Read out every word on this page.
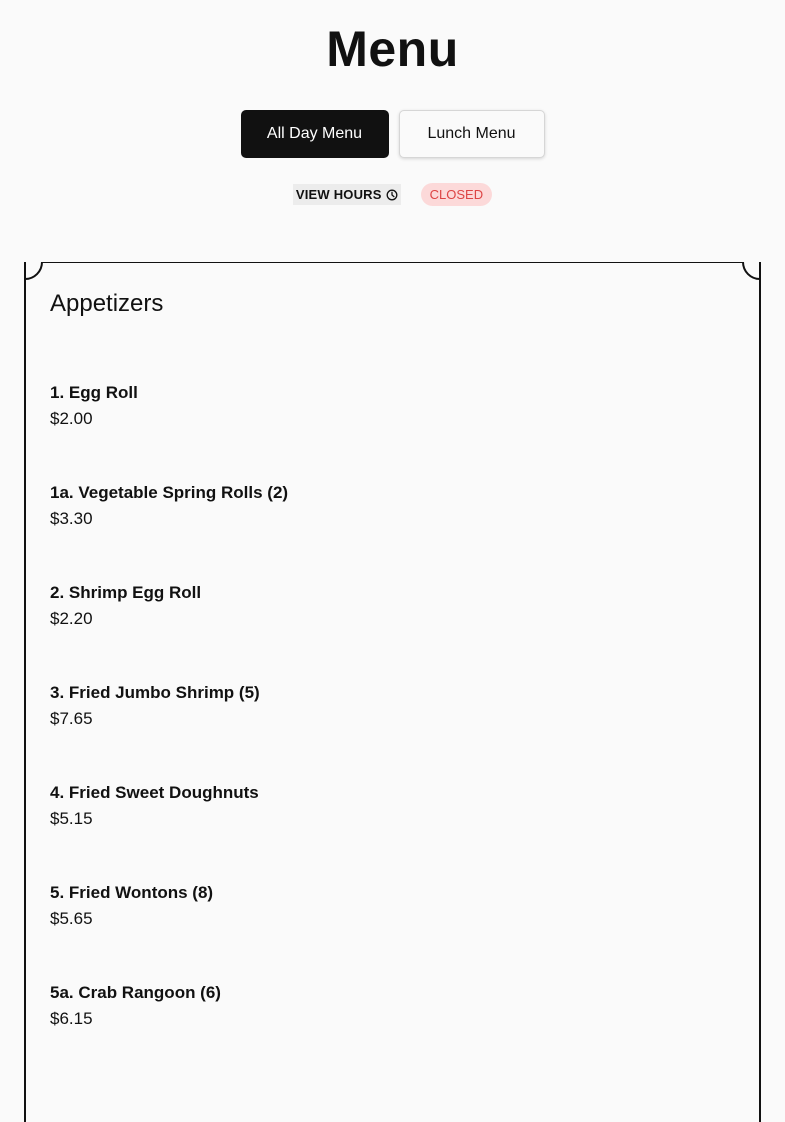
Menu
All Day Menu	Lunch Menu
VIEW HOURS	CLOSED
Appetizers
1. Egg Roll
$2.00
1a. Vegetable Spring Rolls (2)
$3.30
2. Shrimp Egg Roll
$2.20
3. Fried Jumbo Shrimp (5)
$7.65
4. Fried Sweet Doughnuts
$5.15
5. Fried Wontons (8)
$5.65
5a. Crab Rangoon (6)
$6.15
